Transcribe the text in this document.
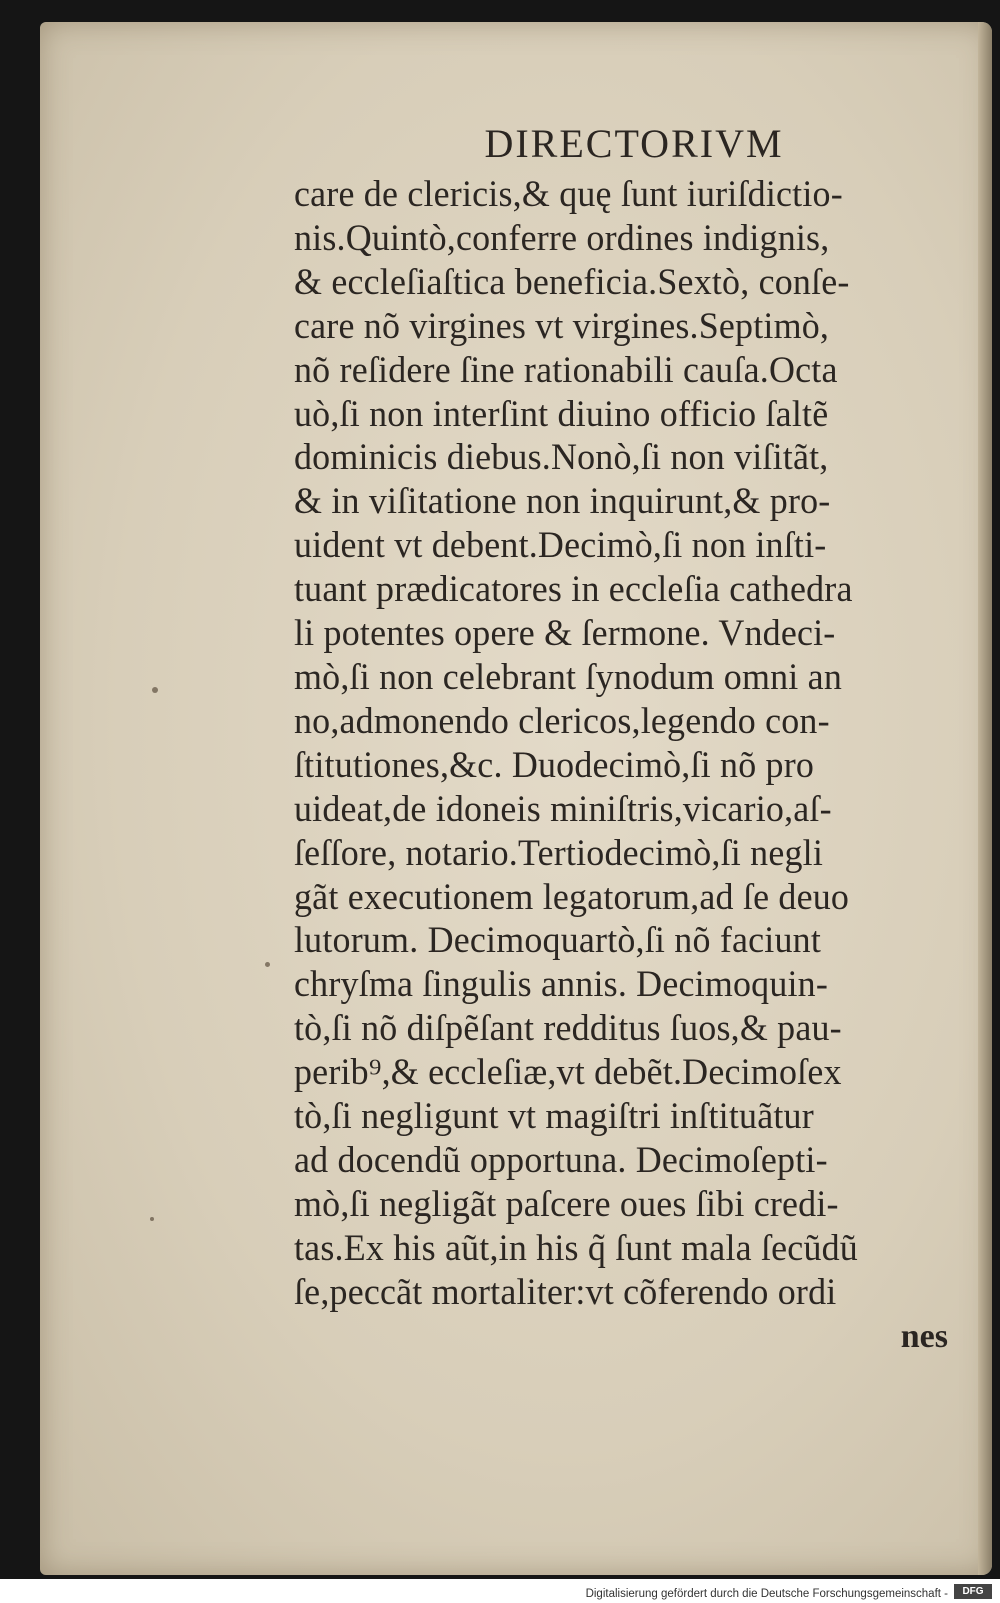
DIRECTORIVM
care de clericis,& quę ſunt iuriſdictio-
nis.Quintò,conferre ordines indignis,
& eccleſiaſtica beneficia.Sextò, conſe-
care nõ virgines vt virgines.Septimò,
nõ reſidere ſine rationabili cauſa.Octa
uò,ſi non interſint diuino officio ſaltẽ
dominicis diebus.Nonò,ſi non viſitãt,
& in viſitatione non inquirunt,& pro-
uident vt debent.Decimò,ſi non inſti-
tuant prædicatores in eccleſia cathedra
li potentes opere & ſermone. Vndeci-
mò,ſi non celebrant ſynodum omni an
no,admonendo clericos,legendo con-
ſtitutiones,&c. Duodecimò,ſi nõ pro
uideat,de idoneis miniſtris,vicario,aſ-
ſeſſore, notario.Tertiodecimò,ſi negli
gãt executionem legatorum,ad ſe deuo
lutorum. Decimoquartò,ſi nõ faciunt
chryſma ſingulis annis. Decimoquin-
tò,ſi nõ diſpẽſant redditus ſuos,& pau-
perib⁹,& eccleſiæ,vt debẽt.Decimoſex
tò,ſi negligunt vt magiſtri inſtituãtur
ad docendũ opportuna. Decimoſepti-
mò,ſi negligãt paſcere oues ſibi credi-
tas.Ex his aũt,in his q̃ ſunt mala ſecũdũ
ſe,peccãt mortaliter:vt cõferendo ordi
nes
Digitalisierung gefördert durch die Deutsche Forschungsgemeinschaft -	DFG
